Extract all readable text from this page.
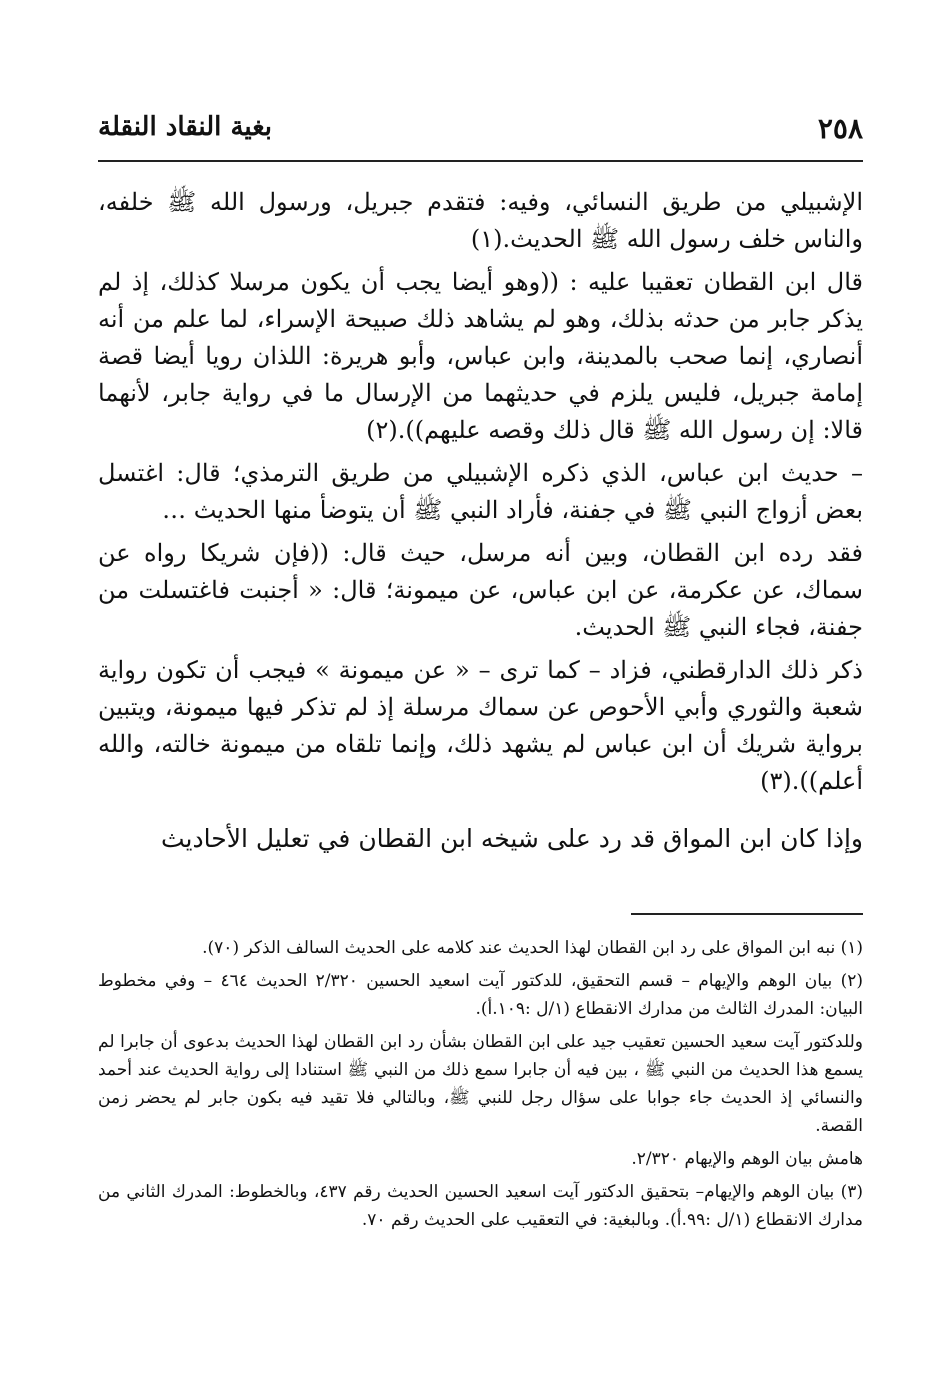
٢٥٨
بغية النقاد النقلة

الإشبيلي من طريق النسائي، وفيه: فتقدم جبريل، ورسول الله ﷺ خلفه، والناس خلف رسول الله ﷺ الحديث.(١)

قال ابن القطان تعقيبا عليه : ((وهو أيضا يجب أن يكون مرسلا كذلك، إذ لم يذكر جابر من حدثه بذلك، وهو لم يشاهد ذلك صبيحة الإسراء، لما علم من أنه أنصاري، إنما صحب بالمدينة، وابن عباس، وأبو هريرة: اللذان رويا أيضا قصة إمامة جبريل، فليس يلزم في حديثهما من الإرسال ما في رواية جابر، لأنهما قالا: إن رسول الله ﷺ قال ذلك وقصه عليهم)).(٢)

– حديث ابن عباس، الذي ذكره الإشبيلي من طريق الترمذي؛ قال: اغتسل بعض أزواج النبي ﷺ في جفنة، فأراد النبي ﷺ أن يتوضأ منها الحديث …

فقد رده ابن القطان، وبين أنه مرسل، حيث قال: ((فإن شريكا رواه عن سماك، عن عكرمة، عن ابن عباس، عن ميمونة؛ قال: « أجنبت فاغتسلت من جفنة، فجاء النبي ﷺ الحديث.

ذكر ذلك الدارقطني، فزاد – كما ترى – « عن ميمونة » فيجب أن تكون رواية شعبة والثوري وأبي الأحوص عن سماك مرسلة إذ لم تذكر فيها ميمونة، ويتبين برواية شريك أن ابن عباس لم يشهد ذلك، وإنما تلقاه من ميمونة خالته، والله أعلم)).(٣)

وإذا كان ابن المواق قد رد على شيخه ابن القطان في تعليل الأحاديث

(١) نبه ابن المواق على رد ابن القطان لهذا الحديث عند كلامه على الحديث السالف الذكر (٧٠).

(٢) بيان الوهم والإيهام – قسم التحقيق، للدكتور آيت اسعيد الحسين ٢/٣٢٠ الحديث ٤٦٤ – وفي مخطوط البيان: المدرك الثالث من مدارك الانقطاع (١/ل :١٠٩.أ).

وللدكتور آيت سعيد الحسين تعقيب جيد على ابن القطان بشأن رد ابن القطان لهذا الحديث بدعوى أن جابرا لم يسمع هذا الحديث من النبي ﷺ ، بين فيه أن جابرا سمع ذلك من النبي ﷺ استنادا إلى رواية الحديث عند أحمد والنسائي إذ الحديث جاء جوابا على سؤال رجل للنبي ﷺ، وبالتالي فلا تقيد فيه بكون جابر لم يحضر زمن القصة.

هامش بيان الوهم والإيهام ٢/٣٢٠.

(٣) بيان الوهم والإيهام– بتحقيق الدكتور آيت اسعيد الحسين الحديث رقم ٤٣٧، وبالخطوط: المدرك الثاني من مدارك الانقطاع (١/ل :٩٩.أ). وبالبغية: في التعقيب على الحديث رقم ٧٠.
